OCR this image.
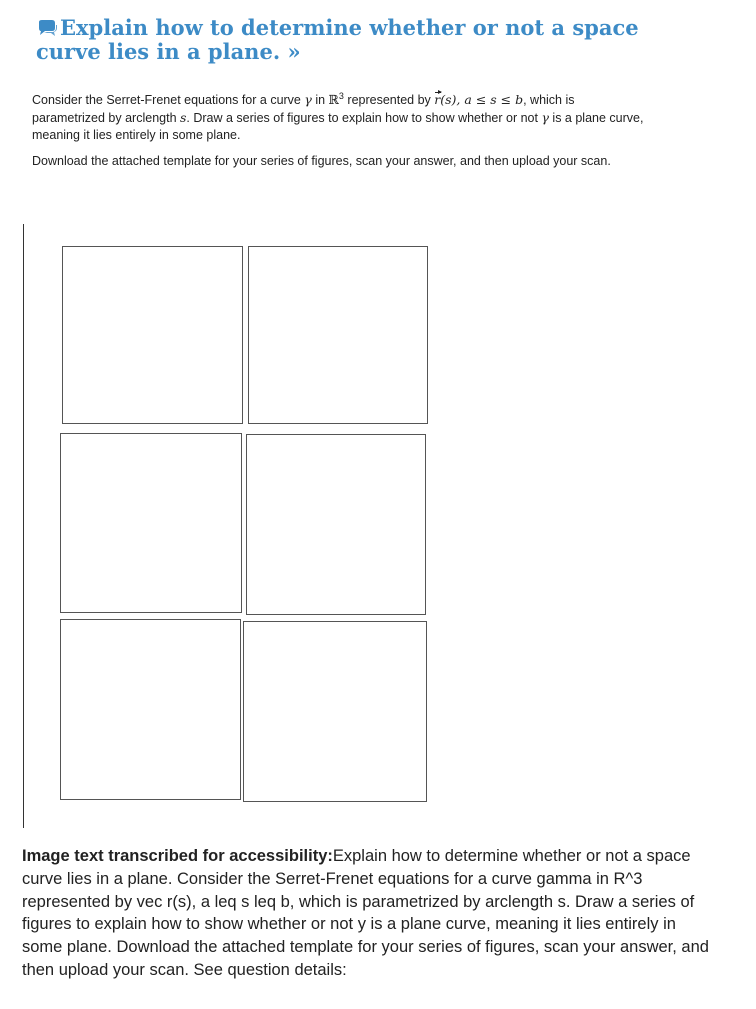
Explain how to determine whether or not a space curve lies in a plane. »

Consider the Serret-Frenet equations for a curve γ in ℝ$^3$ represented by r(s), a ≤ s ≤ b, which is parametrized by arclength s. Draw a series of figures to explain how to show whether or not γ is a plane curve, meaning it lies entirely in some plane.

Download the attached template for your series of figures, scan your answer, and then upload your scan.

Image text transcribed for accessibility:Explain how to determine whether or not a space curve lies in a plane. Consider the Serret-Frenet equations for a curve gamma in R^3 represented by vec r(s), a leq s leq b, which is parametrized by arclength s. Draw a series of figures to explain how to show whether or not y is a plane curve, meaning it lies entirely in some plane. Download the attached template for your series of figures, scan your answer, and then upload your scan. See question details:
